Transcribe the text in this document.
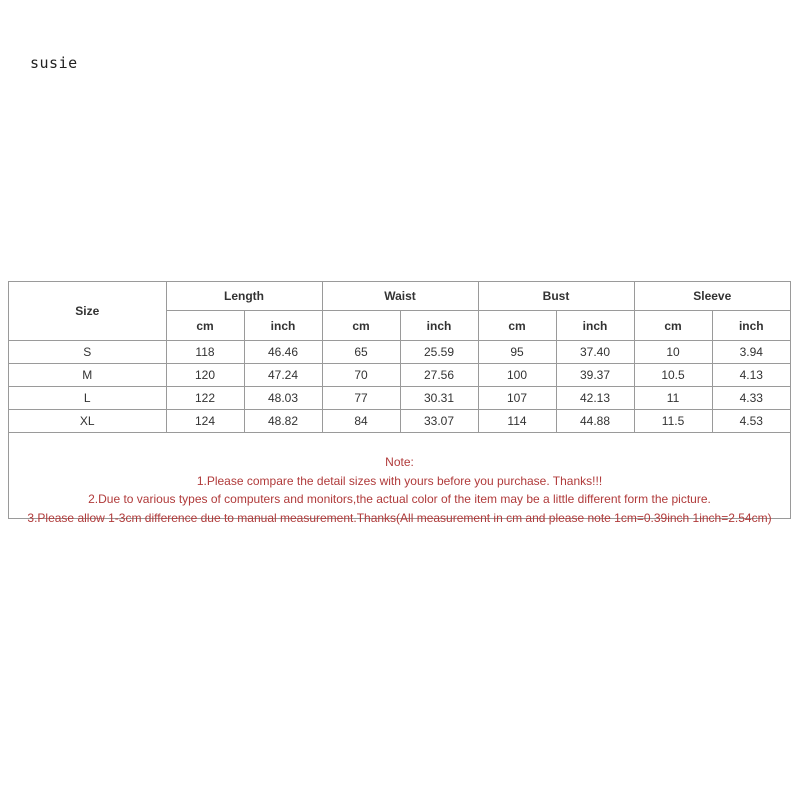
susie
Size	Length		Waist		Bust		Sleeve	
	cm	inch	cm	inch	cm	inch	cm	inch
S	118	46.46	65	25.59	95	37.40	10	3.94
M	120	47.24	70	27.56	100	39.37	10.5	4.13
L	122	48.03	77	30.31	107	42.13	11	4.33
XL	124	48.82	84	33.07	114	44.88	11.5	4.53
Note:
1.Please compare the detail sizes with yours before you purchase. Thanks!!!
2.Due to various types of computers and monitors,the actual color of the item may be a little different form the picture.
3.Please allow 1-3cm difference due to manual measurement.Thanks(All measurement in cm and please note 1cm=0.39inch 1inch=2.54cm)
